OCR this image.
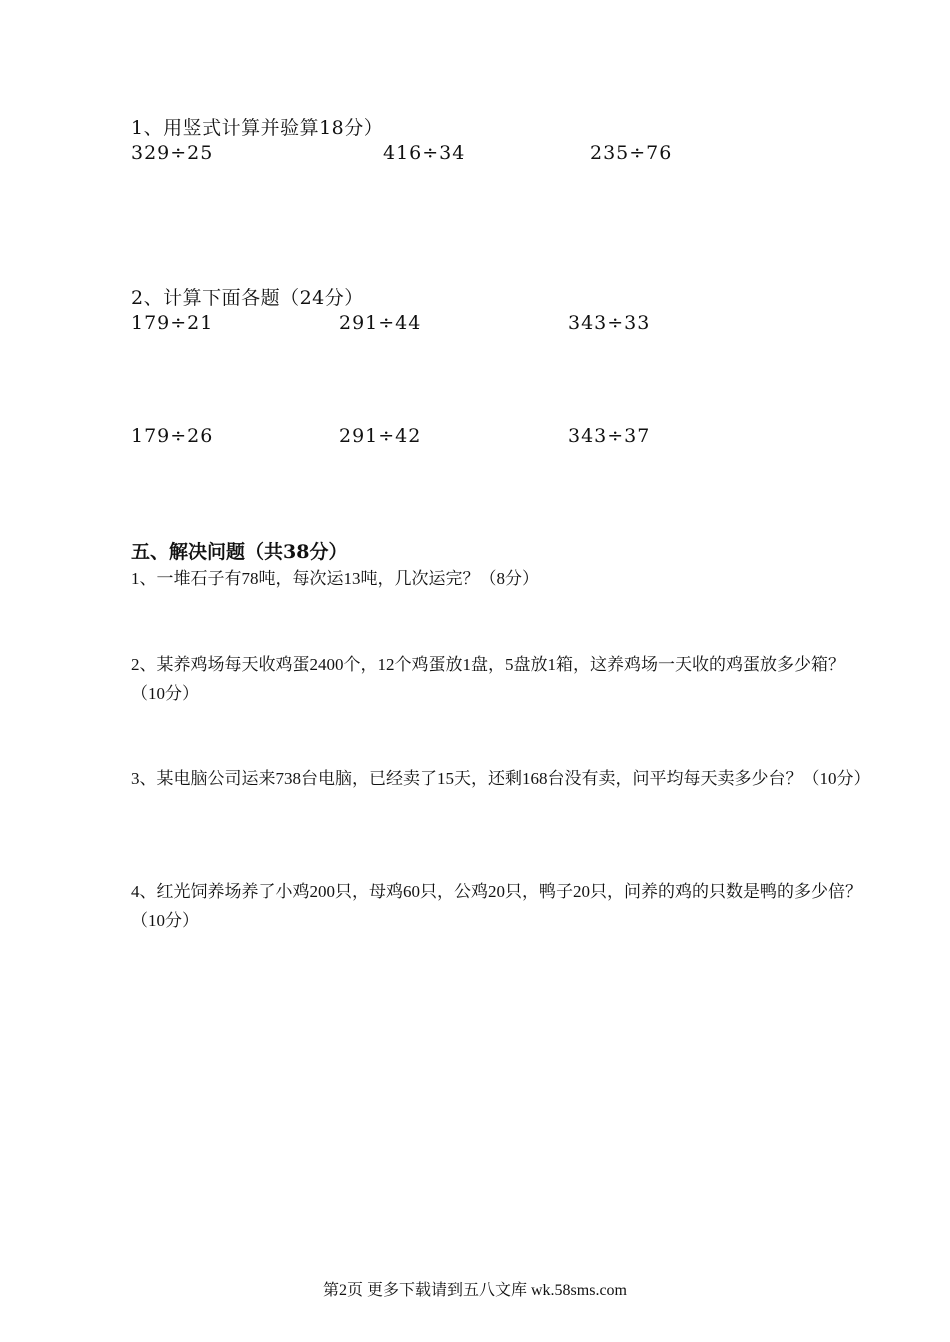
1、用竖式计算并验算18分）
329÷25	416÷34	235÷76
2、计算下面各题（24分）
179÷21	291÷44	343÷33
179÷26	291÷42	343÷37
五、解决问题（共38分）
1、一堆石子有78吨，每次运13吨，几次运完？（8分）
2、某养鸡场每天收鸡蛋2400个，12个鸡蛋放1盘，5盘放1箱，这养鸡场一天收的鸡蛋放多少箱？（10分）
3、某电脑公司运来738台电脑，已经卖了15天，还剩168台没有卖，问平均每天卖多少台？（10分）
4、红光饲养场养了小鸡200只，母鸡60只，公鸡20只，鸭子20只，问养的鸡的只数是鸭的多少倍？（10分）
第2页 更多下载请到五八文库 wk.58sms.com
